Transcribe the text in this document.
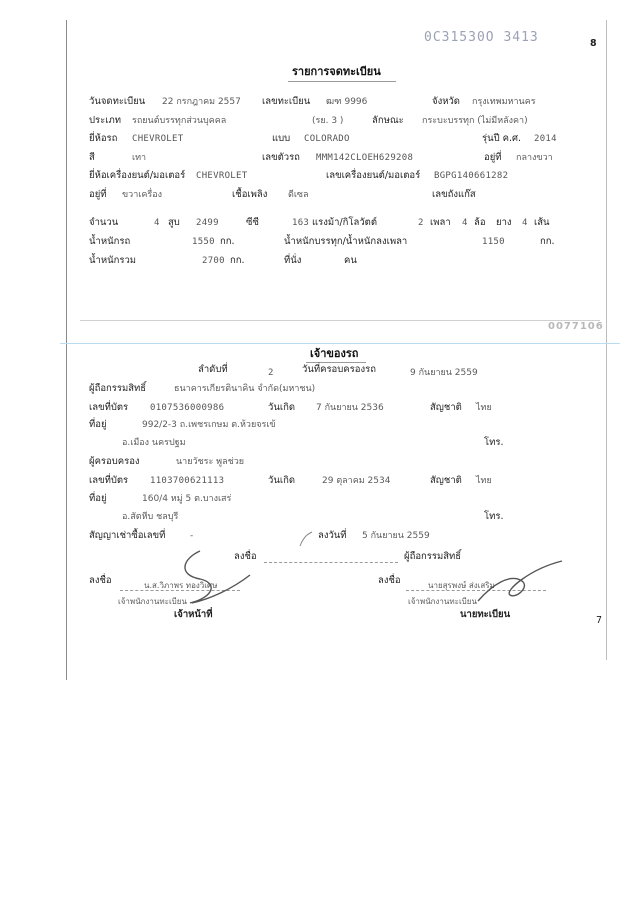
0C31530O 3413	8
รายการจดทะเบียน
วันจดทะเบียน 22 กรกฎาคม 2557 เลขทะเบียน ฒฑ 9996	จังหวัด กรุงเทพมหานคร
ประเภท รถยนต์บรรทุกส่วนบุคคล	(รย. 3 )	ลักษณะ กระบะบรรทุก (ไม่มีหลังคา)
ยี่ห้อรถ CHEVROLET	แบบ COLORADO	รุ่นปี ค.ศ. 2014
สี	เทา	เลขตัวรถ MMM142CLOEH629208	อยู่ที่ กลางขวา
ยี่ห้อเครื่องยนต์/มอเตอร์ CHEVROLET	เลขเครื่องยนต์/มอเตอร์ BGPG140661282
อยู่ที่ ขวาเครื่อง	เชื้อเพลิง ดีเซล	เลขถังแก๊ส
จำนวน	4 สูบ 2499	ซีซี	163 แรงม้า/กิโลวัตต์	2 เพลา 4 ล้อ ยาง 4 เส้น
น้ำหนักรถ	1550 กก.	น้ำหนักบรรทุก/น้ำหนักลงเพลา	1150	กก.
น้ำหนักรวม	2700 กก.	ที่นั่ง	คน
0077106
เจ้าของรถ
ลำดับที่	2	วันที่ครอบครองรถ	9 กันยายน 2559
ผู้ถือกรรมสิทธิ์	ธนาคารเกียรตินาคิน จำกัด(มหาชน)
เลขที่บัตร 0107536000986	วันเกิด 7 กันยายน 2536	สัญชาติ ไทย
ที่อยู่	992/2-3 ถ.เพชรเกษม ต.ห้วยจรเข้
อ.เมือง นครปฐม	โทร.
ผู้ครอบครอง	นายวัชระ พูลช่วย
เลขที่บัตร 1103700621113	วันเกิด	29 ตุลาคม 2534	สัญชาติ ไทย
ที่อยู่	160/4 หมู่ 5 ต.บางเสร่
อ.สัตหีบ ชลบุรี	โทร.
สัญญาเช่าซื้อเลขที่	-	ลงวันที่ 5 กันยายน 2559
ลงชื่อ	ผู้ถือกรรมสิทธิ์
ลงชื่อ	น.ส.วิภาพร ทองวิเศษ
เจ้าพนักงานทะเบียน
เจ้าหน้าที่
ลงชื่อ	นายสุรพงษ์ ส่งเสริม
เจ้าพนักงานทะเบียน
นายทะเบียน
7
